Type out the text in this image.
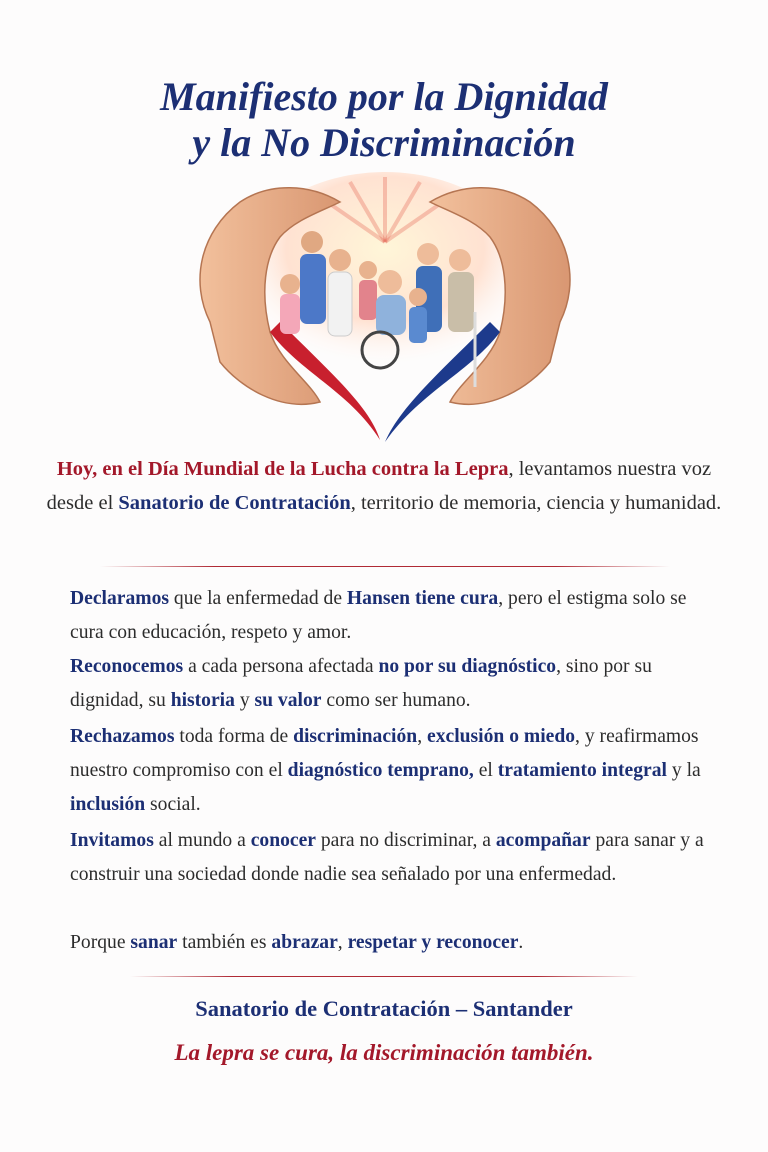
Manifiesto por la Dignidad
y la No Discriminación
Hoy, en el Día Mundial de la Lucha contra la Lepra, levantamos nuestra voz desde el Sanatorio de Contratación, territorio de memoria, ciencia y humanidad.
Declaramos que la enfermedad de Hansen tiene cura, pero el estigma solo se cura con educación, respeto y amor.
Reconocemos a cada persona afectada no por su diagnóstico, sino por su dignidad, su historia y su valor como ser humano.
Rechazamos toda forma de discriminación, exclusión o miedo, y reafirmamos nuestro compromiso con el diagnóstico temprano, el tratamiento integral y la inclusión social.
Invitamos al mundo a conocer para no discriminar, a acompañar para sanar y a construir una sociedad donde nadie sea señalado por una enfermedad.
Porque sanar también es abrazar, respetar y reconocer.

Sanatorio de Contratación – Santander

La lepra se cura, la discriminación también.
